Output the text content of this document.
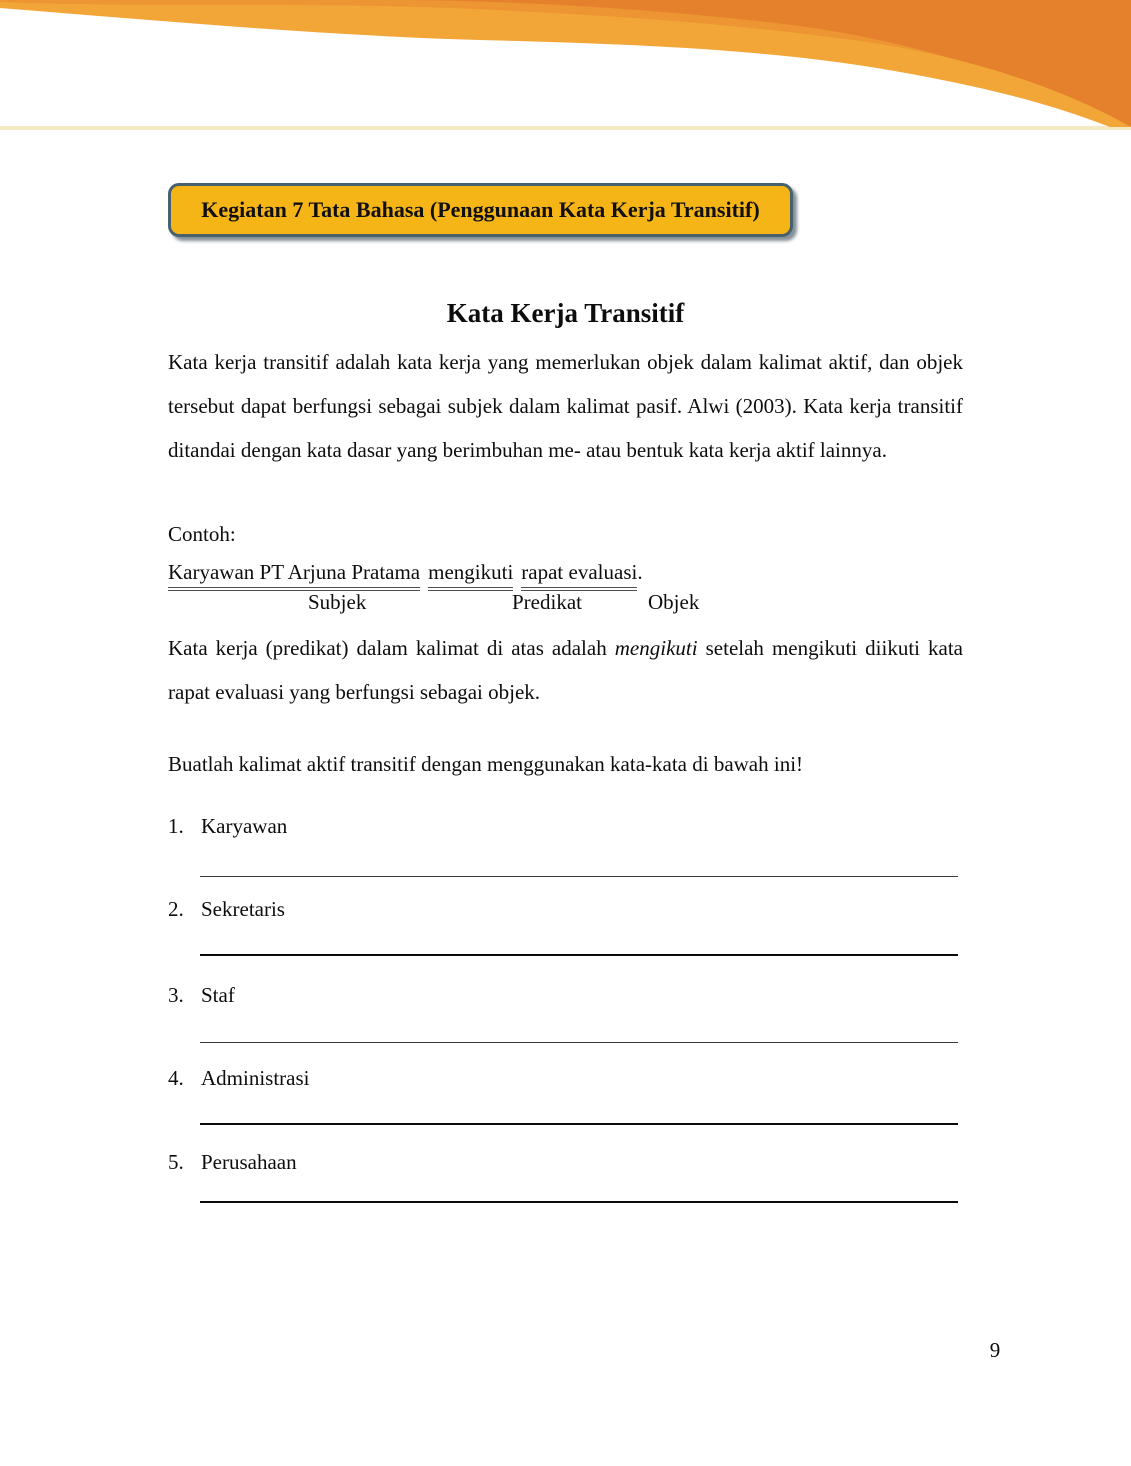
Kegiatan 7 Tata Bahasa (Penggunaan Kata Kerja Transitif)
Kata Kerja Transitif
Kata kerja transitif adalah kata kerja yang memerlukan objek dalam kalimat aktif, dan objek tersebut dapat berfungsi sebagai subjek dalam kalimat pasif. Alwi (2003). Kata kerja transitif ditandai dengan kata dasar yang berimbuhan me- atau bentuk kata kerja aktif lainnya.
Contoh:
Karyawan PT Arjuna Pratama mengikuti rapat evaluasi.
Subjek	Predikat	Objek
Kata kerja (predikat) dalam kalimat di atas adalah mengikuti setelah mengikuti diikuti kata rapat evaluasi yang berfungsi sebagai objek.
Buatlah kalimat aktif transitif dengan menggunakan kata-kata di bawah ini!
1. Karyawan
2. Sekretaris
3. Staf
4. Administrasi
5. Perusahaan
9
